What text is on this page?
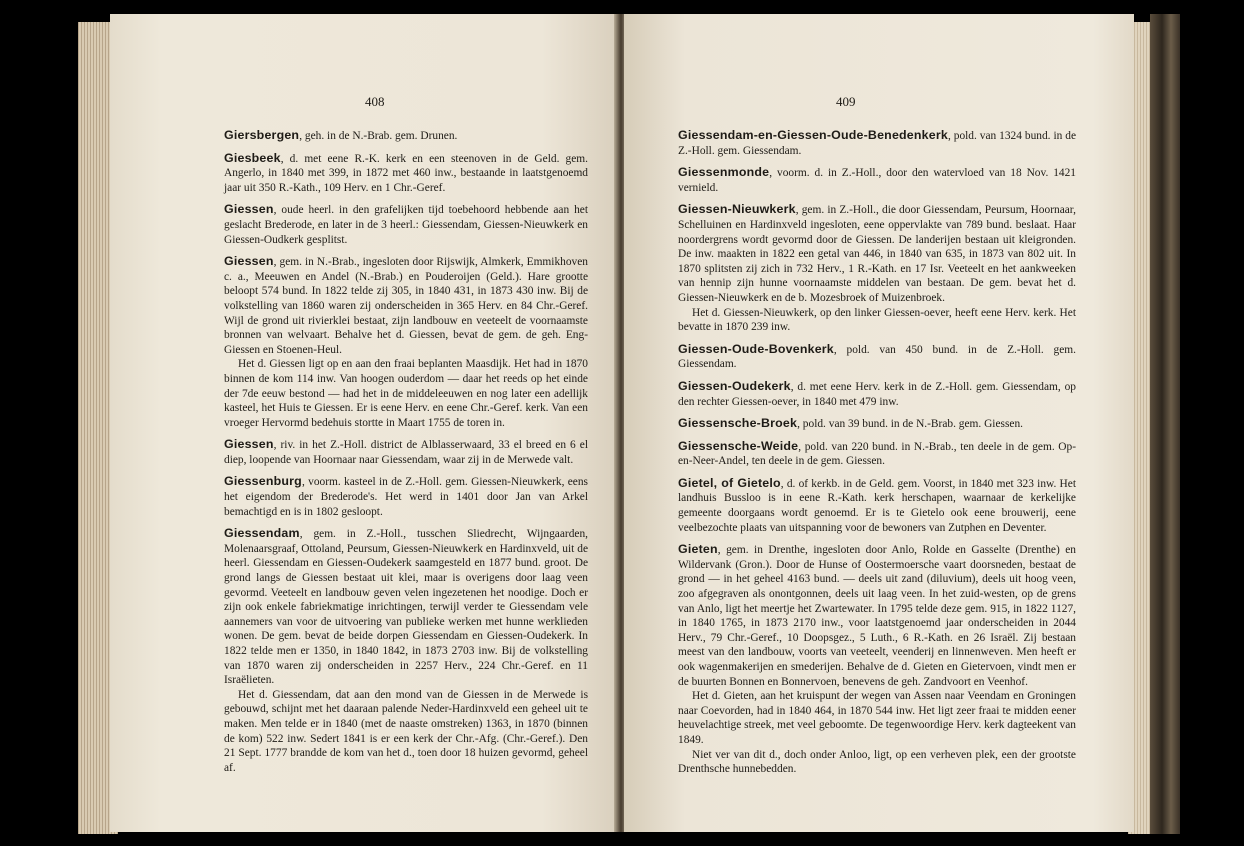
408

Giersbergen, geh. in de N.-Brab. gem. Drunen.

Giesbeek, d. met eene R.-K. kerk en een steenoven in de Geld. gem. Angerlo, in 1840 met 399, in 1872 met 460 inw., bestaande in laatstgenoemd jaar uit 350 R.-Kath., 109 Herv. en 1 Chr.-Geref.

Giessen, oude heerl. in den grafelijken tijd toebehoord hebbende aan het geslacht Brederode, en later in de 3 heerl.: Giessendam, Giessen-Nieuwkerk en Giessen-Oudkerk gesplitst.

Giessen, gem. in N.-Brab., ingesloten door Rijswijk, Almkerk, Emmikhoven c. a., Meeuwen en Andel (N.-Brab.) en Pouderoijen (Geld.). Hare grootte beloopt 574 bund. In 1822 telde zij 305, in 1840 431, in 1873 430 inw. Bij de volkstelling van 1860 waren zij onderscheiden in 365 Herv. en 84 Chr.-Geref. Wijl de grond uit rivierklei bestaat, zijn landbouw en veeteelt de voornaamste bronnen van welvaart. Behalve het d. Giessen, bevat de gem. de geh. Eng-Giessen en Stoenen-Heul.

Het d. Giessen ligt op en aan den fraai beplanten Maasdijk. Het had in 1870 binnen de kom 114 inw. Van hoogen ouderdom — daar het reeds op het einde der 7de eeuw bestond — had het in de middeleeuwen en nog later een adellijk kasteel, het Huis te Giessen. Er is eene Herv. en eene Chr.-Geref. kerk. Van een vroeger Hervormd bedehuis stortte in Maart 1755 de toren in.

Giessen, riv. in het Z.-Holl. district de Alblasserwaard, 33 el breed en 6 el diep, loopende van Hoornaar naar Giessendam, waar zij in de Merwede valt.

Giessenburg, voorm. kasteel in de Z.-Holl. gem. Giessen-Nieuwkerk, eens het eigendom der Brederode's. Het werd in 1401 door Jan van Arkel bemachtigd en is in 1802 gesloopt.

Giessendam, gem. in Z.-Holl., tusschen Sliedrecht, Wijngaarden, Molenaarsgraaf, Ottoland, Peursum, Giessen-Nieuwkerk en Hardinxveld, uit de heerl. Giessendam en Giessen-Oudekerk saamgesteld en 1877 bund. groot. De grond langs de Giessen bestaat uit klei, maar is overigens door laag veen gevormd. Veeteelt en landbouw geven velen ingezetenen het noodige. Doch er zijn ook enkele fabriekmatige inrichtingen, terwijl verder te Giessendam vele aannemers van voor de uitvoering van publieke werken met hunne werklieden wonen. De gem. bevat de beide dorpen Giessendam en Giessen-Oudekerk. In 1822 telde men er 1350, in 1840 1842, in 1873 2703 inw. Bij de volkstelling van 1870 waren zij onderscheiden in 2257 Herv., 224 Chr.-Geref. en 11 Israëlieten.

Het d. Giessendam, dat aan den mond van de Giessen in de Merwede is gebouwd, schijnt met het daaraan palende Neder-Hardinxveld een geheel uit te maken. Men telde er in 1840 (met de naaste omstreken) 1363, in 1870 (binnen de kom) 522 inw. Sedert 1841 is er een kerk der Chr.-Afg. (Chr.-Geref.). Den 21 Sept. 1777 brandde de kom van het d., toen door 18 huizen gevormd, geheel af.

409

Giessendam-en-Giessen-Oude-Benedenkerk, pold. van 1324 bund. in de Z.-Holl. gem. Giessendam.

Giessenmonde, voorm. d. in Z.-Holl., door den watervloed van 18 Nov. 1421 vernield.

Giessen-Nieuwkerk, gem. in Z.-Holl., die door Giessendam, Peursum, Hoornaar, Schelluinen en Hardinxveld ingesloten, eene oppervlakte van 789 bund. beslaat. Haar noordergrens wordt gevormd door de Giessen. De landerijen bestaan uit kleigronden. De inw. maakten in 1822 een getal van 446, in 1840 van 635, in 1873 van 802 uit. In 1870 splitsten zij zich in 732 Herv., 1 R.-Kath. en 17 Isr. Veeteelt en het aankweeken van hennip zijn hunne voornaamste middelen van bestaan. De gem. bevat het d. Giessen-Nieuwkerk en de b. Mozesbroek of Muizenbroek.

Het d. Giessen-Nieuwkerk, op den linker Giessen-oever, heeft eene Herv. kerk. Het bevatte in 1870 239 inw.

Giessen-Oude-Bovenkerk, pold. van 450 bund. in de Z.-Holl. gem. Giessendam.

Giessen-Oudekerk, d. met eene Herv. kerk in de Z.-Holl. gem. Giessendam, op den rechter Giessen-oever, in 1840 met 479 inw.

Giessensche-Broek, pold. van 39 bund. in de N.-Brab. gem. Giessen.

Giessensche-Weide, pold. van 220 bund. in N.-Brab., ten deele in de gem. Op-en-Neer-Andel, ten deele in de gem. Giessen.

Gietel, of Gietelo, d. of kerkb. in de Geld. gem. Voorst, in 1840 met 323 inw. Het landhuis Bussloo is in eene R.-Kath. kerk herschapen, waarnaar de kerkelijke gemeente doorgaans wordt genoemd. Er is te Gietelo ook eene brouwerij, eene veelbezochte plaats van uitspanning voor de bewoners van Zutphen en Deventer.

Gieten, gem. in Drenthe, ingesloten door Anlo, Rolde en Gasselte (Drenthe) en Wildervank (Gron.). Door de Hunse of Oostermoersche vaart doorsneden, bestaat de grond — in het geheel 4163 bund. — deels uit zand (diluvium), deels uit hoog veen, zoo afgegraven als onontgonnen, deels uit laag veen. In het zuid-westen, op de grens van Anlo, ligt het meertje het Zwartewater. In 1795 telde deze gem. 915, in 1822 1127, in 1840 1765, in 1873 2170 inw., voor laatstgenoemd jaar onderscheiden in 2044 Herv., 79 Chr.-Geref., 10 Doopsgez., 5 Luth., 6 R.-Kath. en 26 Israël. Zij bestaan meest van den landbouw, voorts van veeteelt, veenderij en linnenweven. Men heeft er ook wagenmakerijen en smederijen. Behalve de d. Gieten en Gietervoen, vindt men er de buurten Bonnen en Bonnervoen, benevens de geh. Zandvoort en Veenhof.

Het d. Gieten, aan het kruispunt der wegen van Assen naar Veendam en Groningen naar Coevorden, had in 1840 464, in 1870 544 inw. Het ligt zeer fraai te midden eener heuvelachtige streek, met veel geboomte. De tegenwoordige Herv. kerk dagteekent van 1849.

Niet ver van dit d., doch onder Anloo, ligt, op een verheven plek, een der grootste Drenthsche hunnebedden.
